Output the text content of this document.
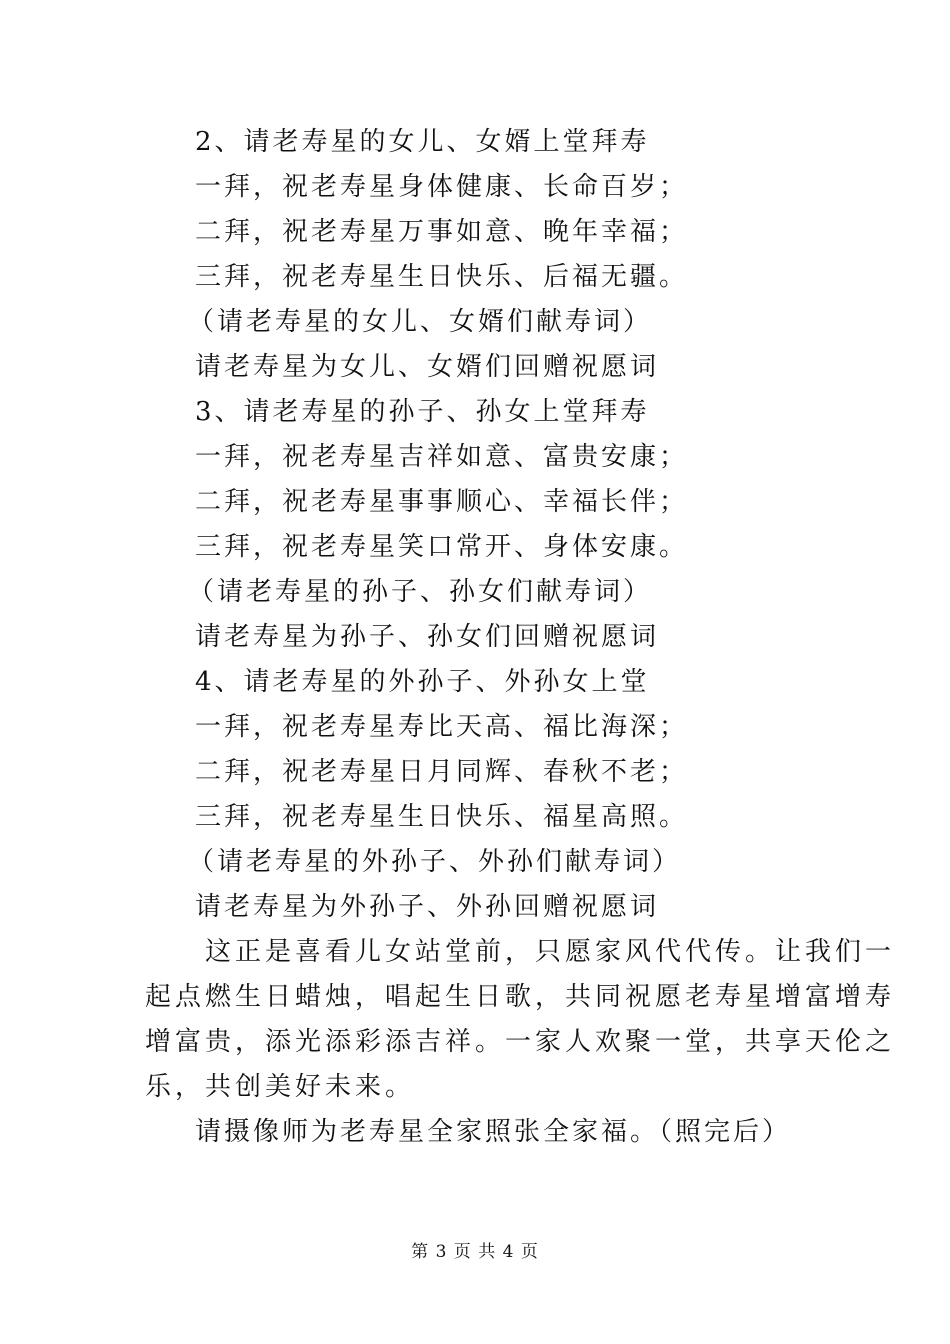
2、请老寿星的女儿、女婿上堂拜寿
一拜，祝老寿星身体健康、长命百岁；
二拜，祝老寿星万事如意、晚年幸福；
三拜，祝老寿星生日快乐、后福无疆。
（请老寿星的女儿、女婿们献寿词）
请老寿星为女儿、女婿们回赠祝愿词
3、请老寿星的孙子、孙女上堂拜寿
一拜，祝老寿星吉祥如意、富贵安康；
二拜，祝老寿星事事顺心、幸福长伴；
三拜，祝老寿星笑口常开、身体安康。
（请老寿星的孙子、孙女们献寿词）
请老寿星为孙子、孙女们回赠祝愿词
4、请老寿星的外孙子、外孙女上堂
一拜，祝老寿星寿比天高、福比海深；
二拜，祝老寿星日月同辉、春秋不老；
三拜，祝老寿星生日快乐、福星高照。
（请老寿星的外孙子、外孙们献寿词）
请老寿星为外孙子、外孙回赠祝愿词
　　这正是喜看儿女站堂前，只愿家风代代传。让我们一
起点燃生日蜡烛，唱起生日歌，共同祝愿老寿星增富增寿
增富贵，添光添彩添吉祥。一家人欢聚一堂，共享天伦之
乐，共创美好未来。
请摄像师为老寿星全家照张全家福。（照完后）
第 3 页 共 4 页
